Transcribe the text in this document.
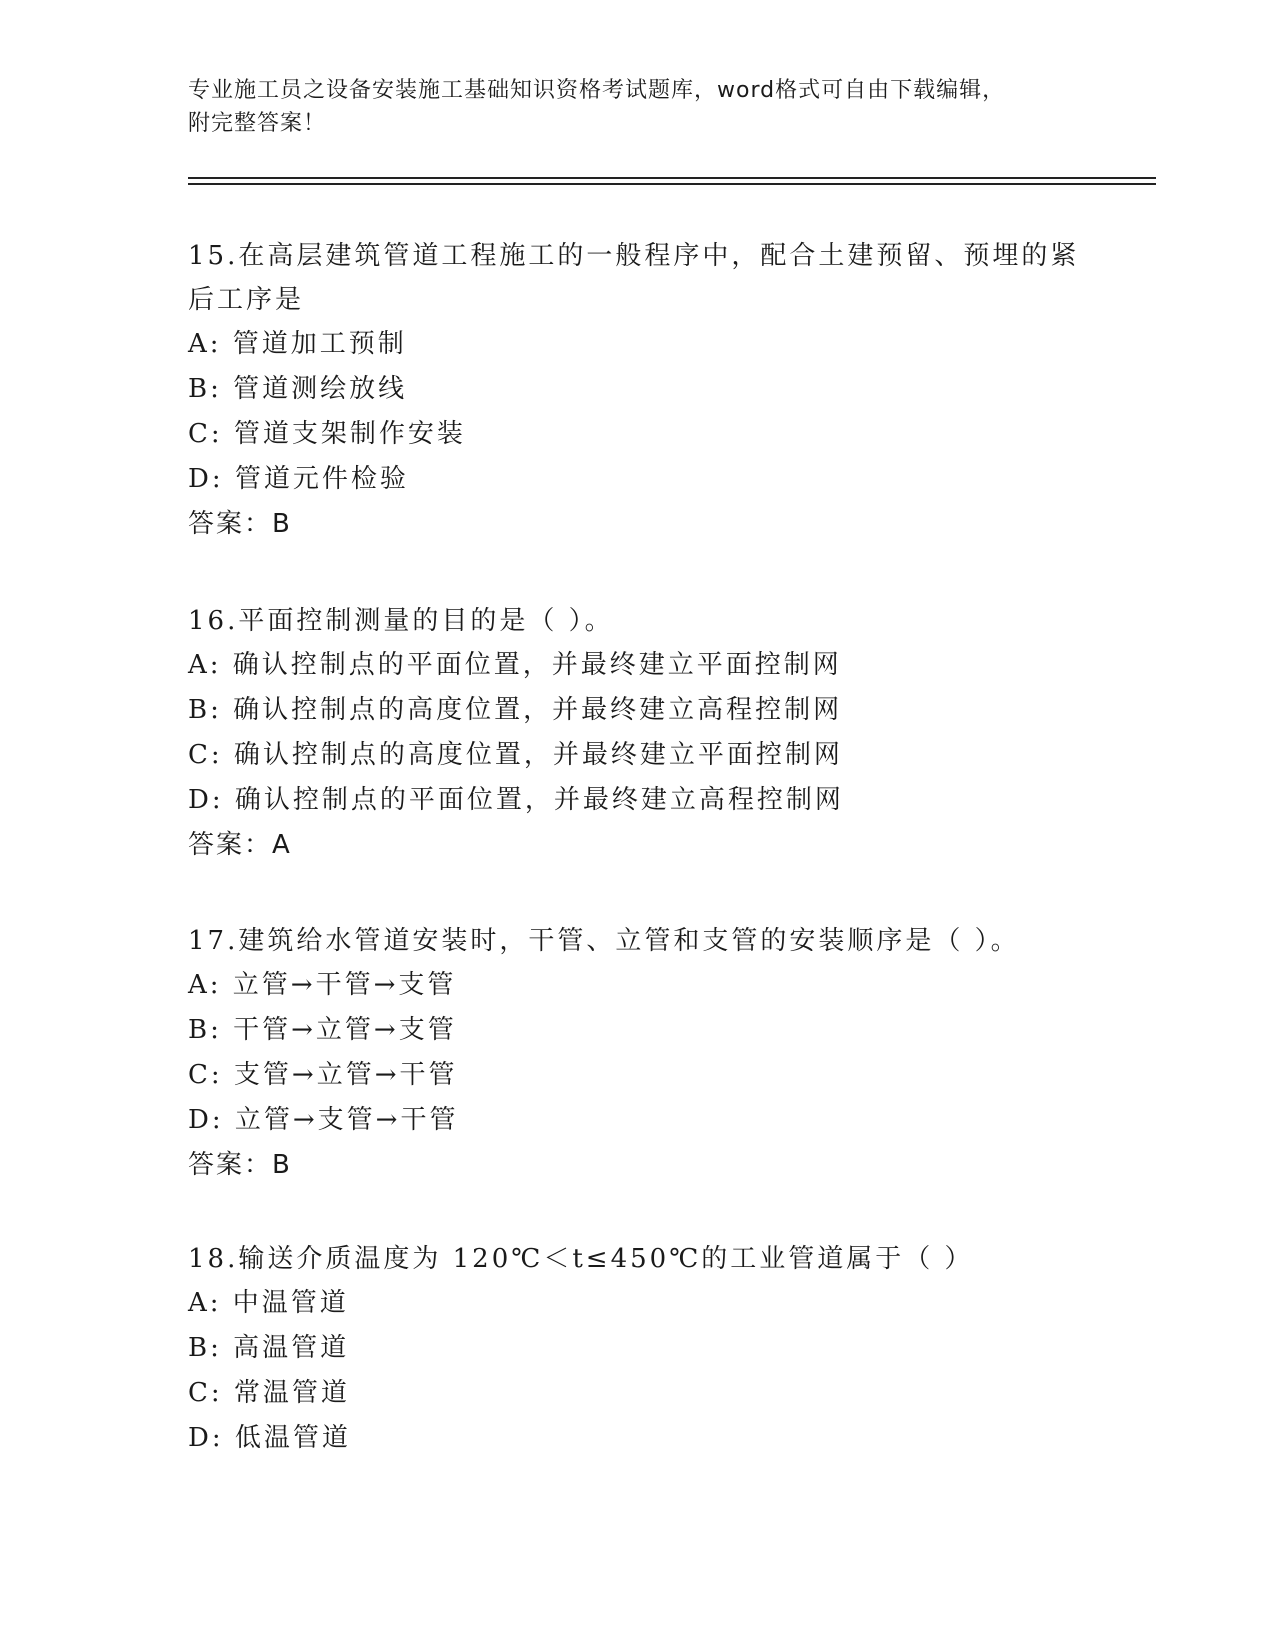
专业施工员之设备安装施工基础知识资格考试题库，word格式可自由下载编辑，
附完整答案！
15.在高层建筑管道工程施工的一般程序中，配合土建预留、预埋的紧
后工序是
A: 管道加工预制
B: 管道测绘放线
C: 管道支架制作安装
D: 管道元件检验
答案：B
16.平面控制测量的目的是（ ）。
A: 确认控制点的平面位置，并最终建立平面控制网
B: 确认控制点的高度位置，并最终建立高程控制网
C: 确认控制点的高度位置，并最终建立平面控制网
D: 确认控制点的平面位置，并最终建立高程控制网
答案：A
17.建筑给水管道安装时，干管、立管和支管的安装顺序是（ ）。
A: 立管→干管→支管
B: 干管→立管→支管
C: 支管→立管→干管
D: 立管→支管→干管
答案：B
18.输送介质温度为 120℃＜t≤450℃的工业管道属于（ ）
A: 中温管道
B: 高温管道
C: 常温管道
D: 低温管道
